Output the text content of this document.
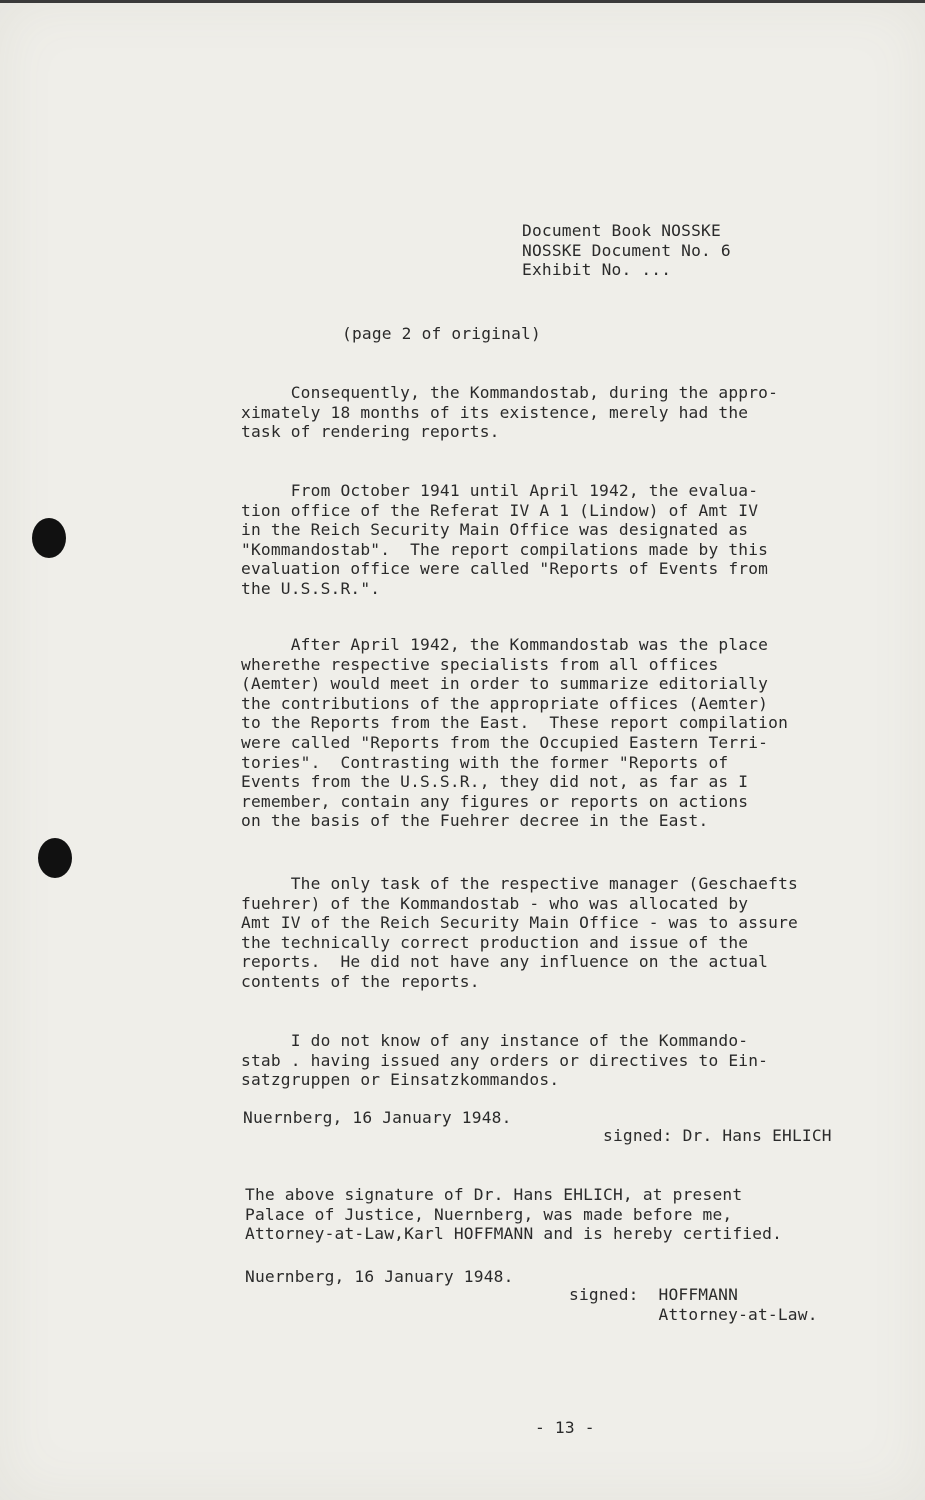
Document Book NOSSKE
NOSSKE Document No. 6
Exhibit No. ...
(page 2 of original)
Consequently, the Kommandostab, during the appro-
ximately 18 months of its existence, merely had the
task of rendering reports.
From October 1941 until April 1942, the evalua-
tion office of the Referat IV A 1 (Lindow) of Amt IV
in the Reich Security Main Office was designated as
"Kommandostab".  The report compilations made by this
evaluation office were called "Reports of Events from
the U.S.S.R.".
After April 1942, the Kommandostab was the place
wherethe respective specialists from all offices
(Aemter) would meet in order to summarize editorially
the contributions of the appropriate offices (Aemter)
to the Reports from the East.  These report compilation
were called "Reports from the Occupied Eastern Terri-
tories".  Contrasting with the former "Reports of
Events from the U.S.S.R., they did not, as far as I
remember, contain any figures or reports on actions
on the basis of the Fuehrer decree in the East.
The only task of the respective manager (Geschaefts
fuehrer) of the Kommandostab - who was allocated by
Amt IV of the Reich Security Main Office - was to assure
the technically correct production and issue of the
reports.  He did not have any influence on the actual
contents of the reports.
I do not know of any instance of the Kommando-
stab . having issued any orders or directives to Ein-
satzgruppen or Einsatzkommandos.
Nuernberg, 16 January 1948.
signed: Dr. Hans EHLICH
The above signature of Dr. Hans EHLICH, at present
Palace of Justice, Nuernberg, was made before me,
Attorney-at-Law,Karl HOFFMANN and is hereby certified.
Nuernberg, 16 January 1948.
signed:  HOFFMANN
Attorney-at-Law.
- 13 -
